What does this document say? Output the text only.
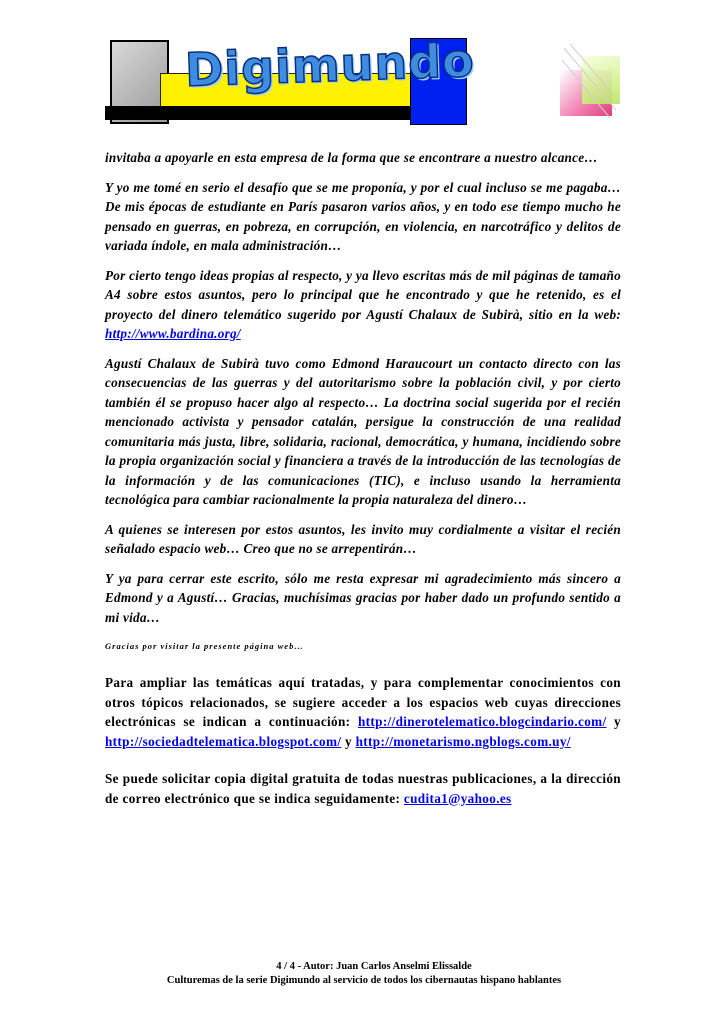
Digimundo

invitaba a apoyarle en esta empresa de la forma que se encontrare a nuestro alcance…

Y yo me tomé en serio el desafío que se me proponía, y por el cual incluso se me pagaba… De mis épocas de estudiante en París pasaron varios años, y en todo ese tiempo mucho he pensado en guerras, en pobreza, en corrupción, en violencia, en narcotráfico y delitos de variada índole, en mala administración…

Por cierto tengo ideas propias al respecto, y ya llevo escritas más de mil páginas de tamaño A4 sobre estos asuntos, pero lo principal que he encontrado y que he retenido, es el proyecto del dinero telemático sugerido por Agustí Chalaux de Subirà, sitio en la web: http://www.bardina.org/

Agustí Chalaux de Subirà tuvo como Edmond Haraucourt un contacto directo con las consecuencias de las guerras y del autoritarismo sobre la población civil, y por cierto también él se propuso hacer algo al respecto… La doctrina social sugerida por el recién mencionado activista y pensador catalán, persigue la construcción de una realidad comunitaria más justa, libre, solidaria, racional, democrática, y humana, incidiendo sobre la propia organización social y financiera a través de la introducción de las tecnologías de la información y de las comunicaciones (TIC), e incluso usando la herramienta tecnológica para cambiar racionalmente la propia naturaleza del dinero…

A quienes se interesen por estos asuntos, les invito muy cordialmente a visitar el recién señalado espacio web… Creo que no se arrepentirán…

Y ya para cerrar este escrito, sólo me resta expresar mi agradecimiento más sincero a Edmond y a Agustí… Gracias, muchísimas gracias por haber dado un profundo sentido a mi vida…

Gracias por visitar la presente página web…

Para ampliar las temáticas aquí tratadas, y para complementar conocimientos con otros tópicos relacionados, se sugiere acceder a los espacios web cuyas direcciones electrónicas se indican a continuación: http://dinerotelematico.blogcindario.com/ y http://sociedadtelematica.blogspot.com/ y http://monetarismo.ngblogs.com.uy/

Se puede solicitar copia digital gratuita de todas nuestras publicaciones, a la dirección de correo electrónico que se indica seguidamente: cudita1@yahoo.es

4 / 4 - Autor: Juan Carlos Anselmi Elissalde
Culturemas de la serie Digimundo al servicio de todos los cibernautas hispano hablantes
